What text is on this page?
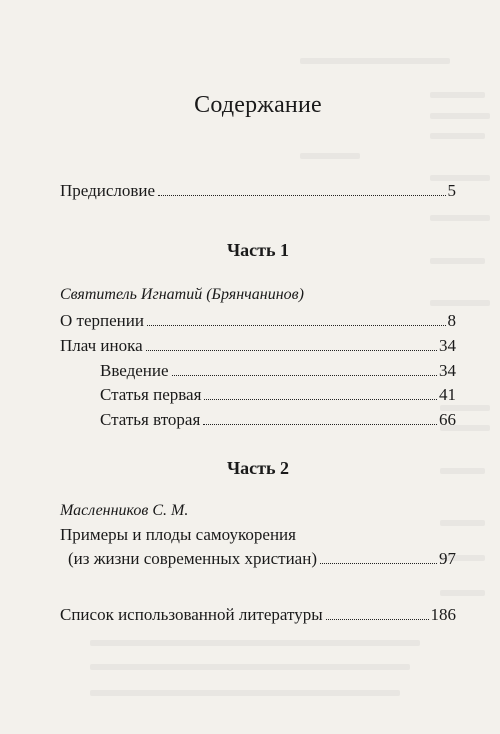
Содержание
Предисловие	5
Часть 1
Святитель Игнатий (Брянчанинов)
О терпении	8
Плач инока	34
Введение	34
Статья первая	41
Статья вторая	66
Часть 2
Масленников С. М.
Примеры и плоды самоукорения
(из жизни современных христиан)	97
Список использованной литературы	186
